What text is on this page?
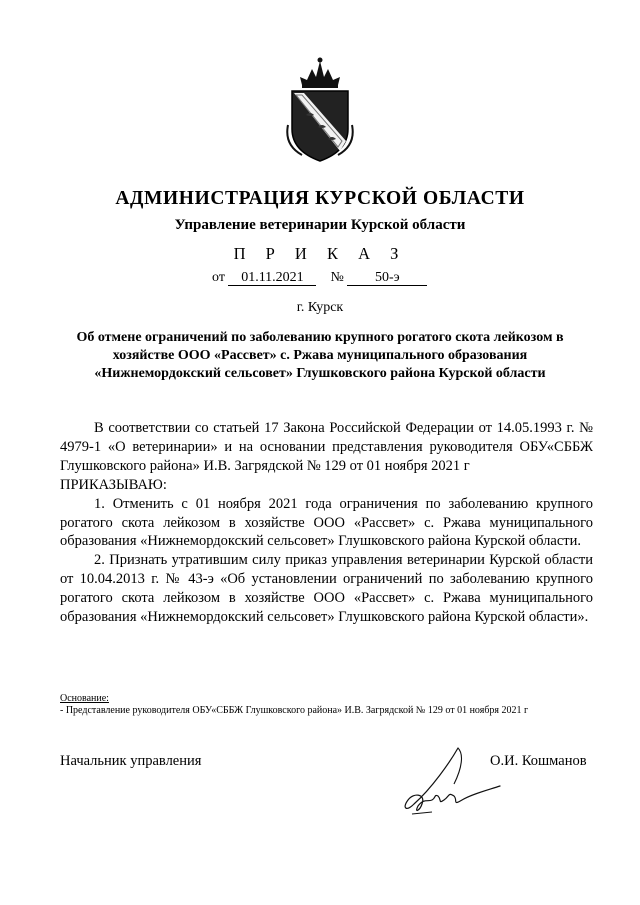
АДМИНИСТРАЦИЯ КУРСКОЙ ОБЛАСТИ
Управление ветеринарии Курской области
П Р И К А З
от 01.11.2021 № 50-э
г. Курск
Об отмене ограничений по заболеванию крупного рогатого скота лейкозом в хозяйстве ООО «Рассвет» с. Ржава муниципального образования «Нижнемордокский сельсовет» Глушковского района Курской области

В соответствии со статьей 17 Закона Российской Федерации от 14.05.1993 г. № 4979-1 «О ветеринарии» и на основании представления руководителя ОБУ«СББЖ Глушковского района» И.В. Загрядской № 129 от 01 ноября 2021 г

ПРИКАЗЫВАЮ:

1. Отменить с 01 ноября 2021 года ограничения по заболеванию крупного рогатого скота лейкозом в хозяйстве ООО «Рассвет» с. Ржава муниципального образования «Нижнемордокский сельсовет» Глушковского района Курской области.

2. Признать утратившим силу приказ управления ветеринарии Курской области от 10.04.2013 г. № 43-э «Об установлении ограничений по заболеванию крупного рогатого скота лейкозом в хозяйстве ООО «Рассвет» с. Ржава муниципального образования «Нижнемордокский сельсовет» Глушковского района Курской области».

Основание:
- Представление руководителя ОБУ«СББЖ Глушковского района» И.В. Загрядской № 129 от 01 ноября 2021 г
Начальник управления	О.И. Кошманов
